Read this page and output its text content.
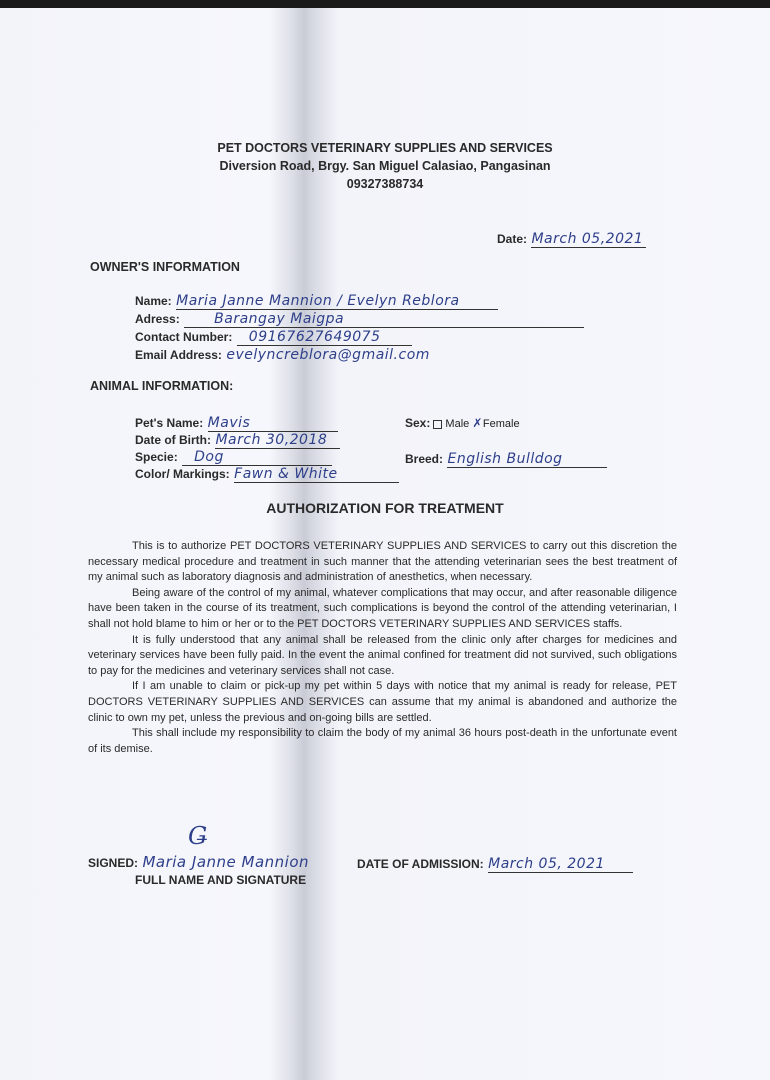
PET DOCTORS VETERINARY SUPPLIES AND SERVICES
Diversion Road, Brgy. San Miguel Calasiao, Pangasinan
09327388734
Date: March 05,2021
OWNER'S INFORMATION
Name: Maria Janne Mannion / Evelyn Reblora
Adress: Barangay Maigpa
Contact Number: 09167627649075
Email Address: evelyncreblora@gmail.com
ANIMAL INFORMATION:
Pet's Name: Mavis
Date of Birth: March 30,2018
Specie: Dog
Color/ Markings: Fawn & White
Sex: Male ✗Female
Breed: English Bulldog
AUTHORIZATION FOR TREATMENT

This is to authorize PET DOCTORS VETERINARY SUPPLIES AND SERVICES to carry out this discretion the necessary medical procedure and treatment in such manner that the attending veterinarian sees the best treatment of my animal such as laboratory diagnosis and administration of anesthetics, when necessary.

Being aware of the control of my animal, whatever complications that may occur, and after reasonable diligence have been taken in the course of its treatment, such complications is beyond the control of the attending veterinarian, I shall not hold blame to him or her or to the PET DOCTORS VETERINARY SUPPLIES AND SERVICES staffs.

It is fully understood that any animal shall be released from the clinic only after charges for medicines and veterinary services have been fully paid. In the event the animal confined for treatment did not survived, such obligations to pay for the medicines and veterinary services shall not case.

If I am unable to claim or pick-up my pet within 5 days with notice that my animal is ready for release, PET DOCTORS VETERINARY SUPPLIES AND SERVICES can assume that my animal is abandoned and authorize the clinic to own my pet, unless the previous and on-going bills are settled.

This shall include my responsibility to claim the body of my animal 36 hours post-death in the unfortunate event of its demise.

Ǥ
SIGNED: Maria Janne Mannion
FULL NAME AND SIGNATURE
DATE OF ADMISSION: March 05, 2021
